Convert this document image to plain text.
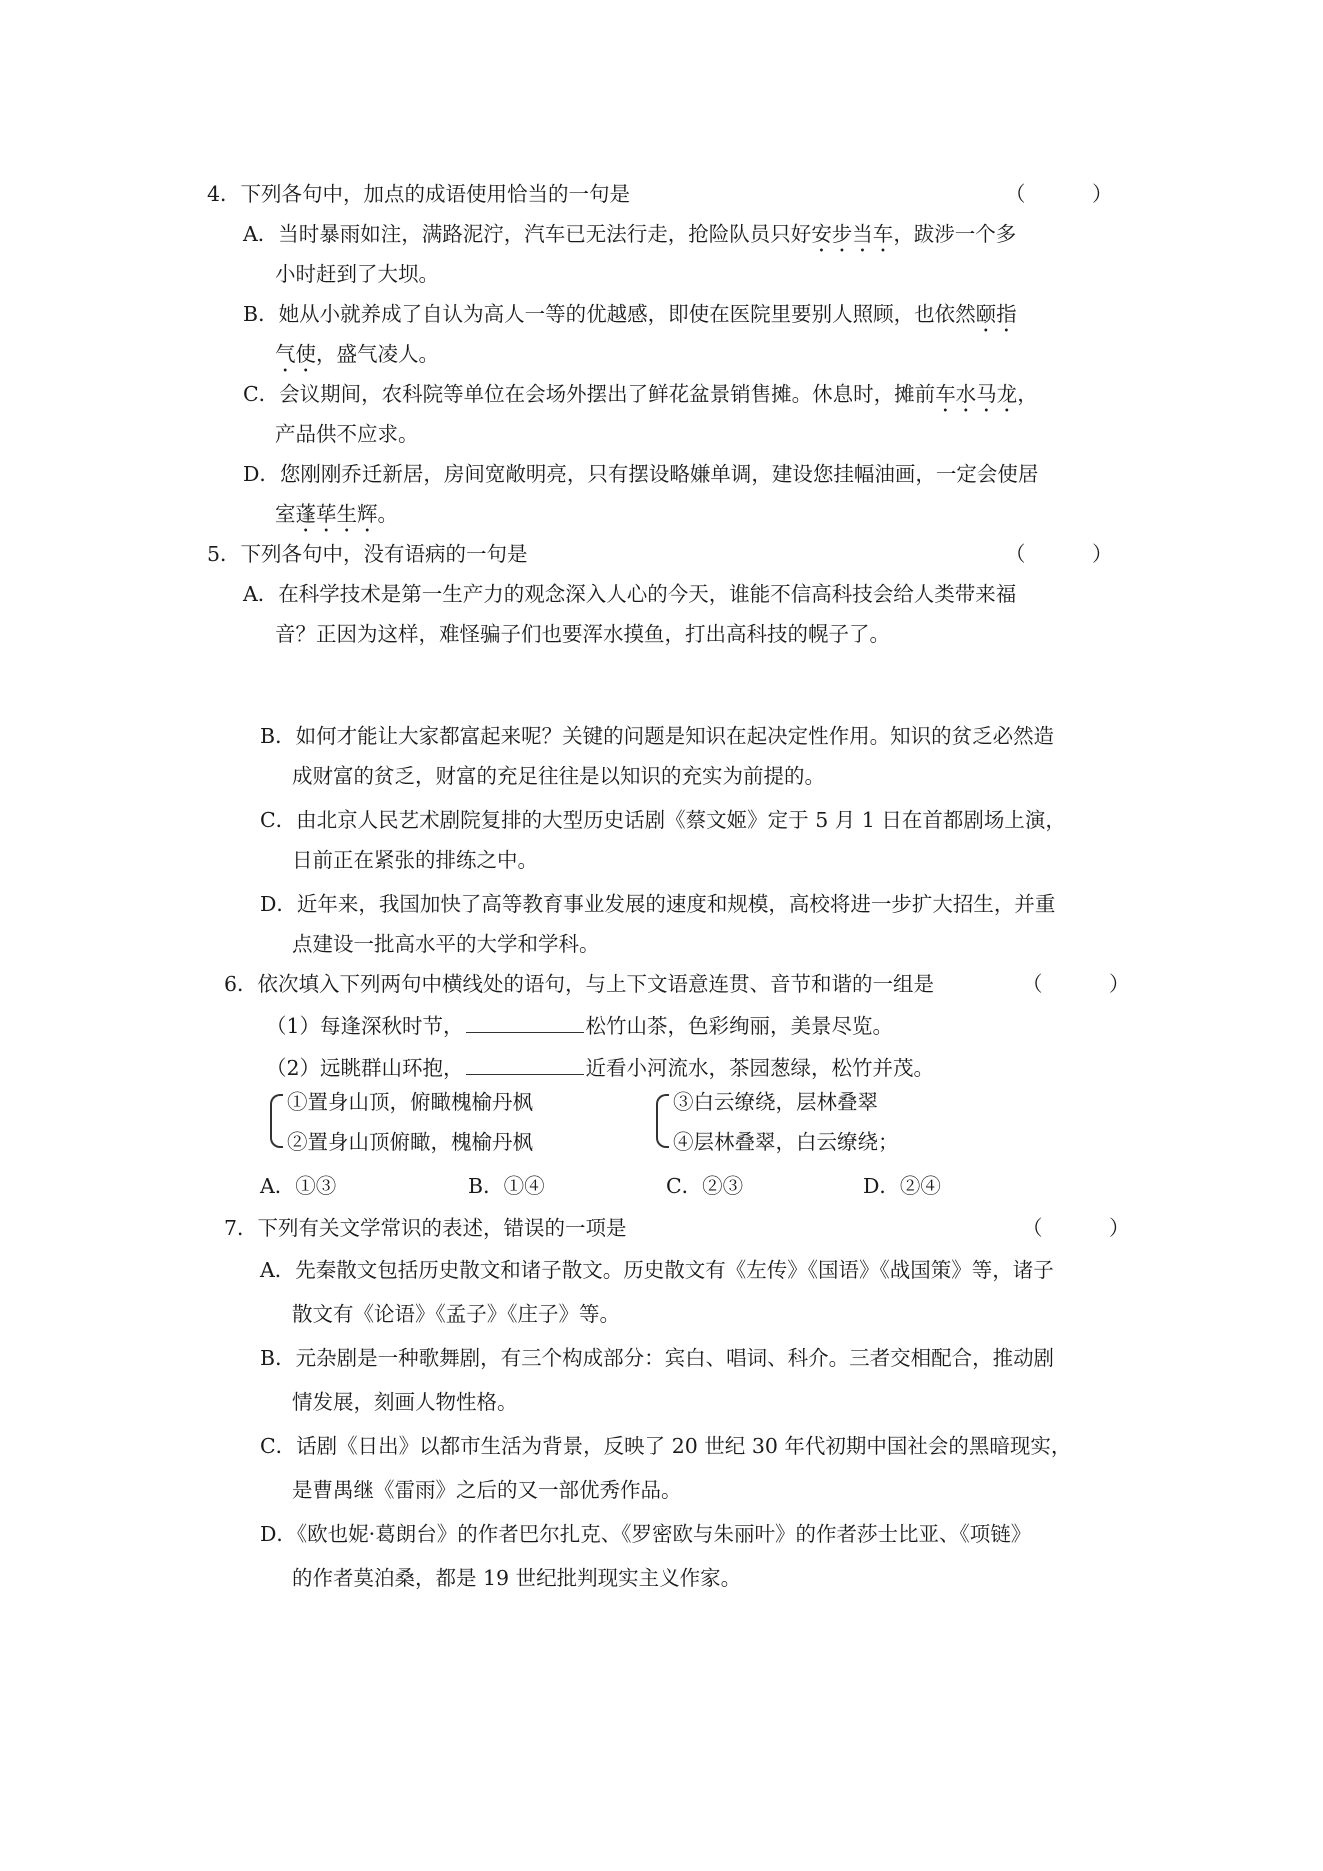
4．下列各句中，加点的成语使用恰当的一句是	（ ）
A．当时暴雨如注，满路泥泞，汽车已无法行走，抢险队员只好安步当车，跋涉一个多
小时赶到了大坝。
B．她从小就养成了自认为高人一等的优越感，即使在医院里要别人照顾，也依然颐指
气使，盛气凌人。
C．会议期间，农科院等单位在会场外摆出了鲜花盆景销售摊。休息时，摊前车水马龙，
产品供不应求。
D．您刚刚乔迁新居，房间宽敞明亮，只有摆设略嫌单调，建设您挂幅油画，一定会使居
室蓬荜生辉。
5．下列各句中，没有语病的一句是	（ ）
A．在科学技术是第一生产力的观念深入人心的今天，谁能不信高科技会给人类带来福
音？正因为这样，难怪骗子们也要浑水摸鱼，打出高科技的幌子了。
B．如何才能让大家都富起来呢？关键的问题是知识在起决定性作用。知识的贫乏必然造
成财富的贫乏，财富的充足往往是以知识的充实为前提的。
C．由北京人民艺术剧院复排的大型历史话剧《蔡文姬》定于 5 月 1 日在首都剧场上演，
日前正在紧张的排练之中。
D．近年来，我国加快了高等教育事业发展的速度和规模，高校将进一步扩大招生，并重
点建设一批高水平的大学和学科。
6．依次填入下列两句中横线处的语句，与上下文语意连贯、音节和谐的一组是	（ ）
（1）每逢深秋时节，	松竹山茶，色彩绚丽，美景尽览。
（2）远眺群山环抱，	近看小河流水，茶园葱绿，松竹并茂。
①置身山顶，俯瞰槐榆丹枫
②置身山顶俯瞰，槐榆丹枫
③白云缭绕，层林叠翠
④层林叠翠，白云缭绕；
A．①③	B．①④	C．②③	D．②④
7．下列有关文学常识的表述，错误的一项是	（ ）
A．先秦散文包括历史散文和诸子散文。历史散文有《左传》《国语》《战国策》等，诸子
散文有《论语》《孟子》《庄子》等。
B．元杂剧是一种歌舞剧，有三个构成部分：宾白、唱词、科介。三者交相配合，推动剧
情发展，刻画人物性格。
C．话剧《日出》以都市生活为背景，反映了 20 世纪 30 年代初期中国社会的黑暗现实，
是曹禺继《雷雨》之后的又一部优秀作品。
D．《欧也妮·葛朗台》的作者巴尔扎克、《罗密欧与朱丽叶》的作者莎士比亚、《项链》
的作者莫泊桑，都是 19 世纪批判现实主义作家。
